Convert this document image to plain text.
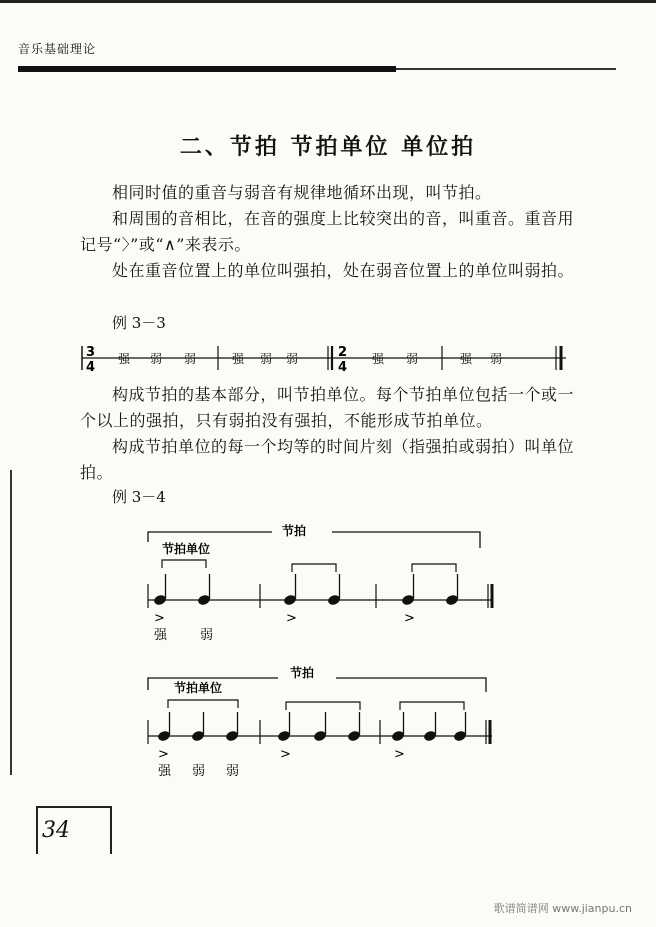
音乐基础理论
二、节拍 节拍单位 单位拍
相同时值的重音与弱音有规律地循环出现，叫节拍。
和周围的音相比，在音的强度上比较突出的音，叫重音。重音用记号“〉”或“∧”来表示。
处在重音位置上的单位叫强拍，处在弱音位置上的单位叫弱拍。
例 3－3
3
4
强 弱 弱	强 弱 弱	2
4
强 弱	强 弱
构成节拍的基本部分，叫节拍单位。每个节拍单位包括一个或一个以上的强拍，只有弱拍没有强拍，不能形成节拍单位。
构成节拍单位的每一个均等的时间片刻（指强拍或弱拍）叫单位拍。
例 3－4
节拍
节拍单位
>	>	>
强	弱
节拍
节拍单位
>	>	>
强 弱 弱
34
歌谱简谱网 www.jianpu.cn
